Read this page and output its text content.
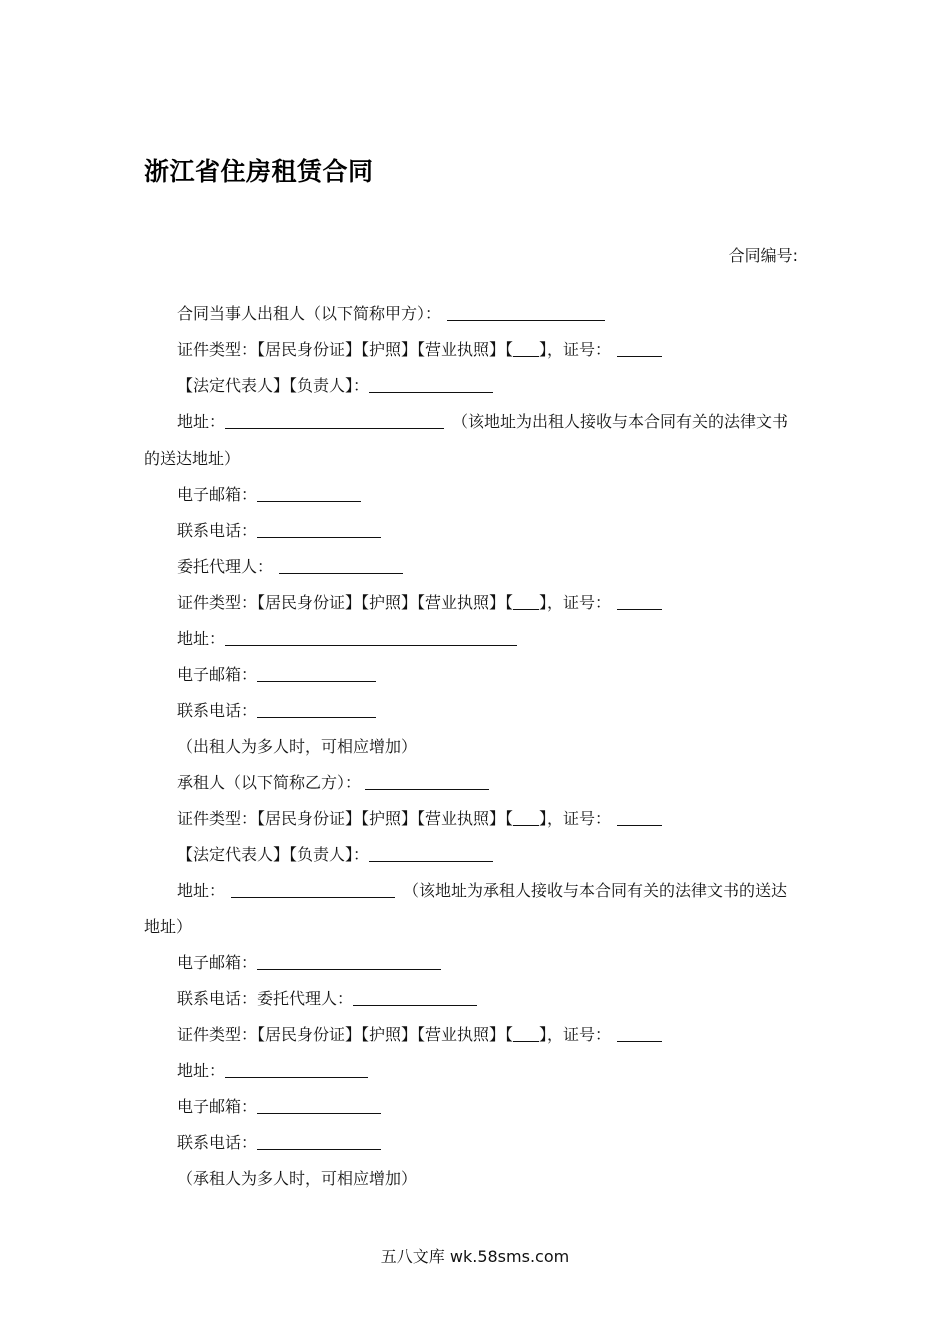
浙江省住房租赁合同
合同编号:
合同当事人出租人（以下简称甲方）：
证件类型：【居民身份证】【护照】【营业执照】【 】，证号：
【法定代表人】【负责人】：
地址：	（该地址为出租人接收与本合同有关的法律文书
的送达地址）
电子邮箱：
联系电话：
委托代理人：
证件类型：【居民身份证】【护照】【营业执照】【 】，证号：
地址：
电子邮箱：
联系电话：
（出租人为多人时，可相应增加）
承租人（以下简称乙方）：
证件类型：【居民身份证】【护照】【营业执照】【 】，证号：
【法定代表人】【负责人】：
地址：	（该地址为承租人接收与本合同有关的法律文书的送达
地址）
电子邮箱：
联系电话：委托代理人：
证件类型：【居民身份证】【护照】【营业执照】【 】，证号：
地址：
电子邮箱：
联系电话：
（承租人为多人时，可相应增加）
五八文库 wk.58sms.com
